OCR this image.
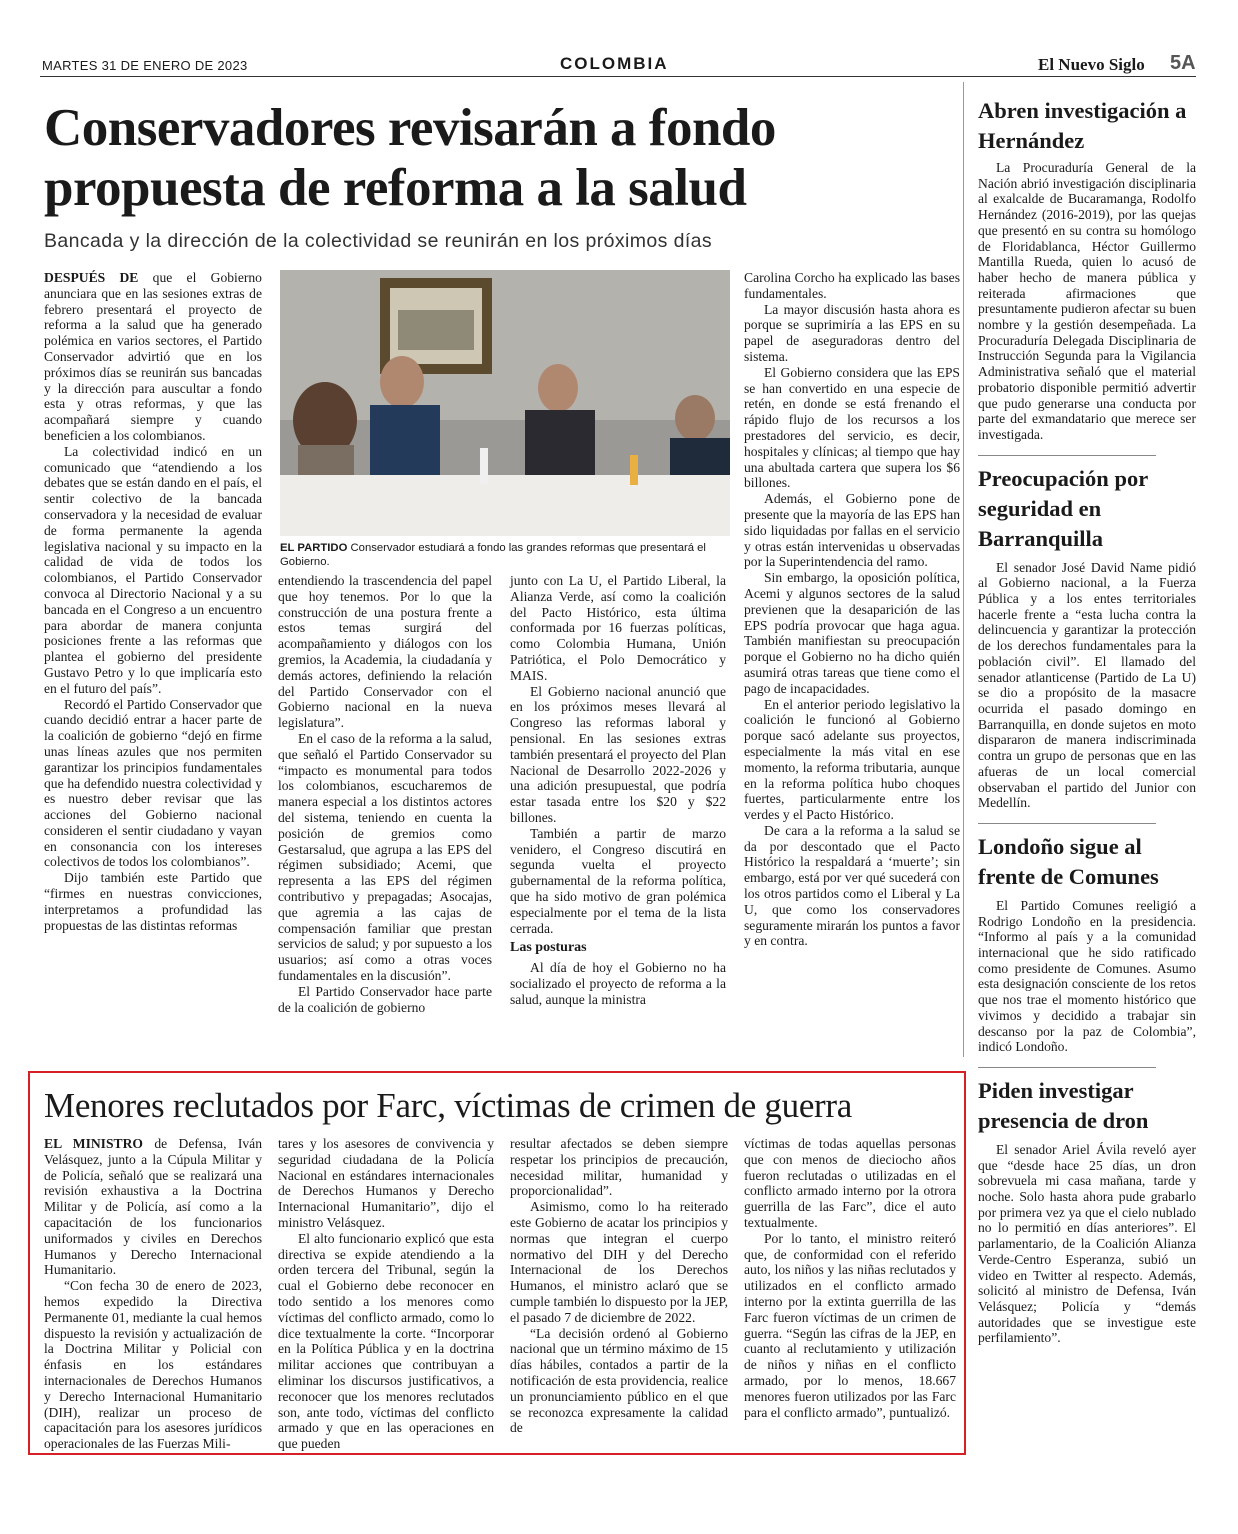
MARTES 31 DE ENERO DE 2023	COLOMBIA	El Nuevo Siglo 5A
Conservadores revisarán a fondo propuesta de reforma a la salud
Bancada y la dirección de la colectividad se reunirán en los próximos días

DESPUÉS DE que el Gobierno anunciara que en las sesiones extras de febrero presentará el proyecto de reforma a la salud que ha generado polémica en varios sectores, el Partido Conservador advirtió que en los próximos días se reunirán sus bancadas y la dirección para auscultar a fondo esta y otras reformas, y que las acompañará siempre y cuando beneficien a los colombianos.

La colectividad indicó en un comunicado que “atendiendo a los debates que se están dando en el país, el sentir colectivo de la bancada conservadora y la necesidad de evaluar de forma permanente la agenda legislativa nacional y su impacto en la calidad de vida de todos los colombianos, el Partido Conservador convoca al Directorio Nacional y a su bancada en el Congreso a un encuentro para abordar de manera conjunta posiciones frente a las reformas que plantea el gobierno del presidente Gustavo Petro y lo que implicaría esto en el futuro del país”.

Recordó el Partido Conservador que cuando decidió entrar a hacer parte de la coalición de gobierno “dejó en firme unas líneas azules que nos permiten garantizar los principios fundamentales que ha defendido nuestra colectividad y es nuestro deber revisar que las acciones del Gobierno nacional consideren el sentir ciudadano y vayan en consonancia con los intereses colectivos de todos los colombianos”.

Dijo también este Partido que “firmes en nuestras convicciones, interpretamos a profundidad las propuestas de las distintas reformas

EL PARTIDO Conservador estudiará a fondo las grandes reformas que presentará el Gobierno.

entendiendo la trascendencia del papel que hoy tenemos. Por lo que la construcción de una postura frente a estos temas surgirá del acompañamiento y diálogos con los gremios, la Academia, la ciudadanía y demás actores, definiendo la relación del Partido Conservador con el Gobierno nacional en la nueva legislatura”.

En el caso de la reforma a la salud, que señaló el Partido Conservador su “impacto es monumental para todos los colombianos, escucharemos de manera especial a los distintos actores del sistema, teniendo en cuenta la posición de gremios como Gestarsalud, que agrupa a las EPS del régimen subsidiado; Acemi, que representa a las EPS del régimen contributivo y prepagadas; Asocajas, que agremia a las cajas de compensación familiar que prestan servicios de salud; y por supuesto a los usuarios; así como a otras voces fundamentales en la discusión”.

El Partido Conservador hace parte de la coalición de gobierno

junto con La U, el Partido Liberal, la Alianza Verde, así como la coalición del Pacto Histórico, esta última conformada por 16 fuerzas políticas, como Colombia Humana, Unión Patriótica, el Polo Democrático y MAIS.

El Gobierno nacional anunció que en los próximos meses llevará al Congreso las reformas laboral y pensional. En las sesiones extras también presentará el proyecto del Plan Nacional de Desarrollo 2022-2026 y una adición presupuestal, que podría estar tasada entre los $20 y $22 billones.

También a partir de marzo venidero, el Congreso discutirá en segunda vuelta el proyecto gubernamental de la reforma política, que ha sido motivo de gran polémica especialmente por el tema de la lista cerrada.

Las posturas

Al día de hoy el Gobierno no ha socializado el proyecto de reforma a la salud, aunque la ministra

Carolina Corcho ha explicado las bases fundamentales.

La mayor discusión hasta ahora es porque se suprimiría a las EPS en su papel de aseguradoras dentro del sistema.

El Gobierno considera que las EPS se han convertido en una especie de retén, en donde se está frenando el rápido flujo de los recursos a los prestadores del servicio, es decir, hospitales y clínicas; al tiempo que hay una abultada cartera que supera los $6 billones.

Además, el Gobierno pone de presente que la mayoría de las EPS han sido liquidadas por fallas en el servicio y otras están intervenidas u observadas por la Superintendencia del ramo.

Sin embargo, la oposición política, Acemi y algunos sectores de la salud previenen que la desaparición de las EPS podría provocar que haga agua. También manifiestan su preocupación porque el Gobierno no ha dicho quién asumirá otras tareas que tiene como el pago de incapacidades.

En el anterior periodo legislativo la coalición le funcionó al Gobierno porque sacó adelante sus proyectos, especialmente la más vital en ese momento, la reforma tributaria, aunque en la reforma política hubo choques fuertes, particularmente entre los verdes y el Pacto Histórico.

De cara a la reforma a la salud se da por descontado que el Pacto Histórico la respaldará a ‘muerte’; sin embargo, está por ver qué sucederá con los otros partidos como el Liberal y La U, que como los conservadores seguramente mirarán los puntos a favor y en contra.

Menores reclutados por Farc, víctimas de crimen de guerra

EL MINISTRO de Defensa, Iván Velásquez, junto a la Cúpula Militar y de Policía, señaló que se realizará una revisión exhaustiva a la Doctrina Militar y de Policía, así como a la capacitación de los funcionarios uniformados y civiles en Derechos Humanos y Derecho Internacional Humanitario.

“Con fecha 30 de enero de 2023, hemos expedido la Directiva Permanente 01, mediante la cual hemos dispuesto la revisión y actualización de la Doctrina Militar y Policial con énfasis en los estándares internacionales de Derechos Humanos y Derecho Internacional Humanitario (DIH), realizar un proceso de capacitación para los asesores jurídicos operacionales de las Fuerzas Mili-

tares y los asesores de convivencia y seguridad ciudadana de la Policía Nacional en estándares internacionales de Derechos Humanos y Derecho Internacional Humanitario”, dijo el ministro Velásquez.

El alto funcionario explicó que esta directiva se expide atendiendo a la orden tercera del Tribunal, según la cual el Gobierno debe reconocer en todo sentido a los menores como víctimas del conflicto armado, como lo dice textualmente la corte. “Incorporar en la Política Pública y en la doctrina militar acciones que contribuyan a eliminar los discursos justificativos, a reconocer que los menores reclutados son, ante todo, víctimas del conflicto armado y que en las operaciones en que pueden

resultar afectados se deben siempre respetar los principios de precaución, necesidad militar, humanidad y proporcionalidad”.

Asimismo, como lo ha reiterado este Gobierno de acatar los principios y normas que integran el cuerpo normativo del DIH y del Derecho Internacional de los Derechos Humanos, el ministro aclaró que se cumple también lo dispuesto por la JEP, el pasado 7 de diciembre de 2022.

“La decisión ordenó al Gobierno nacional que un término máximo de 15 días hábiles, contados a partir de la notificación de esta providencia, realice un pronunciamiento público en el que se reconozca expresamente la calidad de

víctimas de todas aquellas personas que con menos de dieciocho años fueron reclutadas o utilizadas en el conflicto armado interno por la otrora guerrilla de las Farc”, dice el auto textualmente.

Por lo tanto, el ministro reiteró que, de conformidad con el referido auto, los niños y las niñas reclutados y utilizados en el conflicto armado interno por la extinta guerrilla de las Farc fueron víctimas de un crimen de guerra. “Según las cifras de la JEP, en cuanto al reclutamiento y utilización de niños y niñas en el conflicto armado, por lo menos, 18.667 menores fueron utilizados por las Farc para el conflicto armado”, puntualizó.

Abren investigación a Hernández

La Procuraduría General de la Nación abrió investigación disciplinaria al exalcalde de Bucaramanga, Rodolfo Hernández (2016-2019), por las quejas que presentó en su contra su homólogo de Floridablanca, Héctor Guillermo Mantilla Rueda, quien lo acusó de haber hecho de manera pública y reiterada afirmaciones que presuntamente pudieron afectar su buen nombre y la gestión desempeñada. La Procuraduría Delegada Disciplinaria de Instrucción Segunda para la Vigilancia Administrativa señaló que el material probatorio disponible permitió advertir que pudo generarse una conducta por parte del exmandatario que merece ser investigada.

Preocupación por seguridad en Barranquilla

El senador José David Name pidió al Gobierno nacional, a la Fuerza Pública y a los entes territoriales hacerle frente a “esta lucha contra la delincuencia y garantizar la protección de los derechos fundamentales para la población civil”. El llamado del senador atlanticense (Partido de La U) se dio a propósito de la masacre ocurrida el pasado domingo en Barranquilla, en donde sujetos en moto dispararon de manera indiscriminada contra un grupo de personas que en las afueras de un local comercial observaban el partido del Junior con Medellín.

Londoño sigue al frente de Comunes

El Partido Comunes reeligió a Rodrigo Londoño en la presidencia. “Informo al país y a la comunidad internacional que he sido ratificado como presidente de Comunes. Asumo esta designación consciente de los retos que nos trae el momento histórico que vivimos y decidido a trabajar sin descanso por la paz de Colombia”, indicó Londoño.

Piden investigar presencia de dron

El senador Ariel Ávila reveló ayer que “desde hace 25 días, un dron sobrevuela mi casa mañana, tarde y noche. Solo hasta ahora pude grabarlo por primera vez ya que el cielo nublado no lo permitió en días anteriores”. El parlamentario, de la Coalición Alianza Verde-Centro Esperanza, subió un video en Twitter al respecto. Además, solicitó al ministro de Defensa, Iván Velásquez; Policía y “demás autoridades que se investigue este perfilamiento”.
